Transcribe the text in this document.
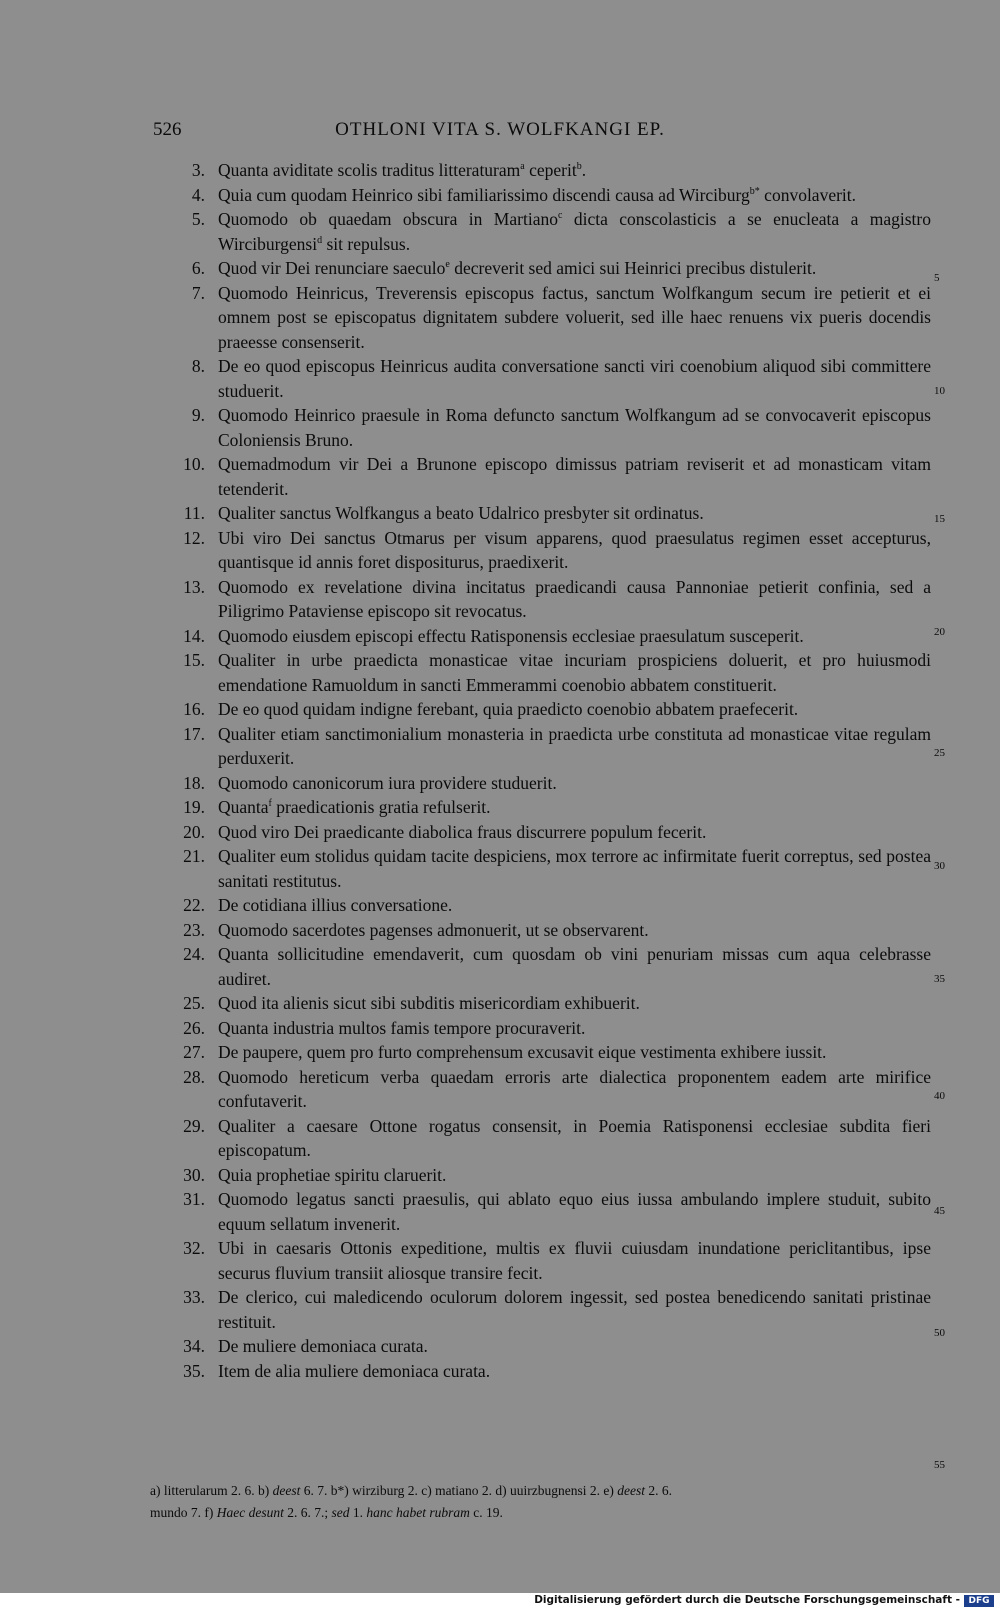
526	OTHLONI VITA S. WOLFKANGI EP.
3. Quanta aviditate scolis traditus litteraturam$^a$ ceperit$^b$.
4. Quia cum quodam Heinrico sibi familiarissimo discendi causa ad Wirciburg$^{b*}$ convolaverit.
5. Quomodo ob quaedam obscura in Martiano$^c$ dicta conscolasticis a se enucleata a magistro Wirciburgensi$^d$ sit repulsus.
6. Quod vir Dei renunciare saeculo$^e$ decreverit sed amici sui Heinrici precibus distulerit.
7. Quomodo Heinricus, Treverensis episcopus factus, sanctum Wolfkangum secum ire petierit et ei omnem post se episcopatus dignitatem subdere voluerit, sed ille haec renuens vix pueris docendis praeesse consenserit.
8. De eo quod episcopus Heinricus audita conversatione sancti viri coenobium aliquod sibi committere studuerit.
9. Quomodo Heinrico praesule in Roma defuncto sanctum Wolfkangum ad se convocaverit episcopus Coloniensis Bruno.
10. Quemadmodum vir Dei a Brunone episcopo dimissus patriam reviserit et ad monasticam vitam tetenderit.
11. Qualiter sanctus Wolfkangus a beato Udalrico presbyter sit ordinatus.
12. Ubi viro Dei sanctus Otmarus per visum apparens, quod praesulatus regimen esset accepturus, quantisque id annis foret dispositurus, praedixerit.
13. Quomodo ex revelatione divina incitatus praedicandi causa Pannoniae petierit confinia, sed a Piligrimo Pataviense episcopo sit revocatus.
14. Quomodo eiusdem episcopi effectu Ratisponensis ecclesiae praesulatum susceperit.
15. Qualiter in urbe praedicta monasticae vitae incuriam prospiciens doluerit, et pro huiusmodi emendatione Ramuoldum in sancti Emmerammi coenobio abbatem constituerit.
16. De eo quod quidam indigne ferebant, quia praedicto coenobio abbatem praefecerit.
17. Qualiter etiam sanctimonialium monasteria in praedicta urbe constituta ad monasticae vitae regulam perduxerit.
18. Quomodo canonicorum iura providere studuerit.
19. Quanta$^f$ praedicationis gratia refulserit.
20. Quod viro Dei praedicante diabolica fraus discurrere populum fecerit.
21. Qualiter eum stolidus quidam tacite despiciens, mox terrore ac infirmitate fuerit correptus, sed postea sanitati restitutus.
22. De cotidiana illius conversatione.
23. Quomodo sacerdotes pagenses admonuerit, ut se observarent.
24. Quanta sollicitudine emendaverit, cum quosdam ob vini penuriam missas cum aqua celebrasse audiret.
25. Quod ita alienis sicut sibi subditis misericordiam exhibuerit.
26. Quanta industria multos famis tempore procuraverit.
27. De paupere, quem pro furto comprehensum excusavit eique vestimenta exhibere iussit.
28. Quomodo hereticum verba quaedam erroris arte dialectica proponentem eadem arte mirifice confutaverit.
29. Qualiter a caesare Ottone rogatus consensit, in Poemia Ratisponensi ecclesiae subdita fieri episcopatum.
30. Quia prophetiae spiritu claruerit.
31. Quomodo legatus sancti praesulis, qui ablato equo eius iussa ambulando implere studuit, subito equum sellatum invenerit.
32. Ubi in caesaris Ottonis expeditione, multis ex fluvii cuiusdam inundatione periclitantibus, ipse securus fluvium transiit aliosque transire fecit.
33. De clerico, cui maledicendo oculorum dolorem ingessit, sed postea benedicendo sanitati pristinae restituit.
34. De muliere demoniaca curata.
35. Item de alia muliere demoniaca curata.
5
10
15
20
25
30
35
40
45
50
55
a) litterularum 2. 6. b) deest 6. 7. b*) wirziburg 2. c) matiano 2. d) uuirzbugnensi 2. e) deest 2. 6.
mundo 7. f) Haec desunt 2. 6. 7.; sed 1. hanc habet rubram c. 19.
Digitalisierung gefördert durch die Deutsche Forschungsgemeinschaft - DFG
